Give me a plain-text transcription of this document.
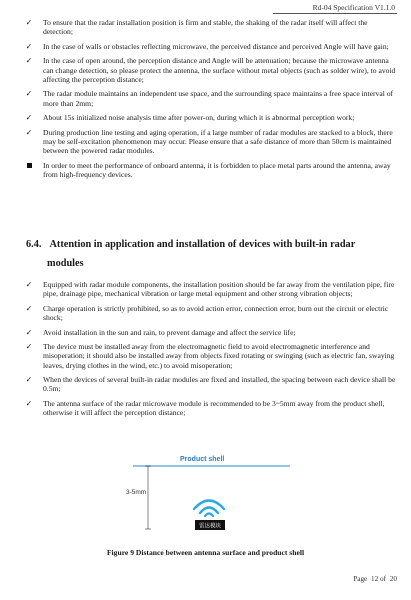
Rd-04 Specification V1.1.0
✓ To ensure that the radar installation position is firm and stable, the shaking of the radar itself will affect the detection;
✓ In the case of walls or obstacles reflecting microwave, the perceived distance and perceived Angle will have gain;
✓ In the case of open around, the perception distance and Angle will be attenuation; because the microwave antenna can change detection, so please protect the antenna, the surface without metal objects (such as solder wire), to avoid affecting the perception distance;
✓ The radar module maintains an independent use space, and the surrounding space maintains a free space interval of more than 2mm;
✓ About 15s initialized noise analysis time after power-on, during which it is abnormal perception work;
✓ During production line testing and aging operation, if a large number of radar modules are stacked to a block, there may be self-excitation phenomenon may occur. Please ensure that a safe distance of more than 50cm is maintained between the powered radar modules.
In order to meet the performance of onboard antenna, it is forbidden to place metal parts around the antenna, away from high-frequency devices.
6.4. Attention in application and installation of devices with built-in radar
modules
✓ Equipped with radar module components, the installation position should be far away from the ventilation pipe, fire pipe, drainage pipe, mechanical vibration or large metal equipment and other strong vibration objects;
✓ Charge operation is strictly prohibited, so as to avoid action error, connection error, burn out the circuit or electric shock;
✓ Avoid installation in the sun and rain, to prevent damage and affect the service life;
✓ The device must be installed away from the electromagnetic field to avoid electromagnetic interference and misoperation; it should also be installed away from objects fixed rotating or swinging (such as electric fan, swaying leaves, drying clothes in the wind, etc.) to avoid misoperation;
✓ When the devices of several built-in radar modules are fixed and installed, the spacing between each device shall be 0.5m;
✓ The antenna surface of the radar microwave module is recommended to be 3~5mm away from the product shell, otherwise it will affect the perception distance;
Product shell
3-5mm
雷达模块
Figure 9 Distance between antenna surface and product shell
Page 12 of 20
